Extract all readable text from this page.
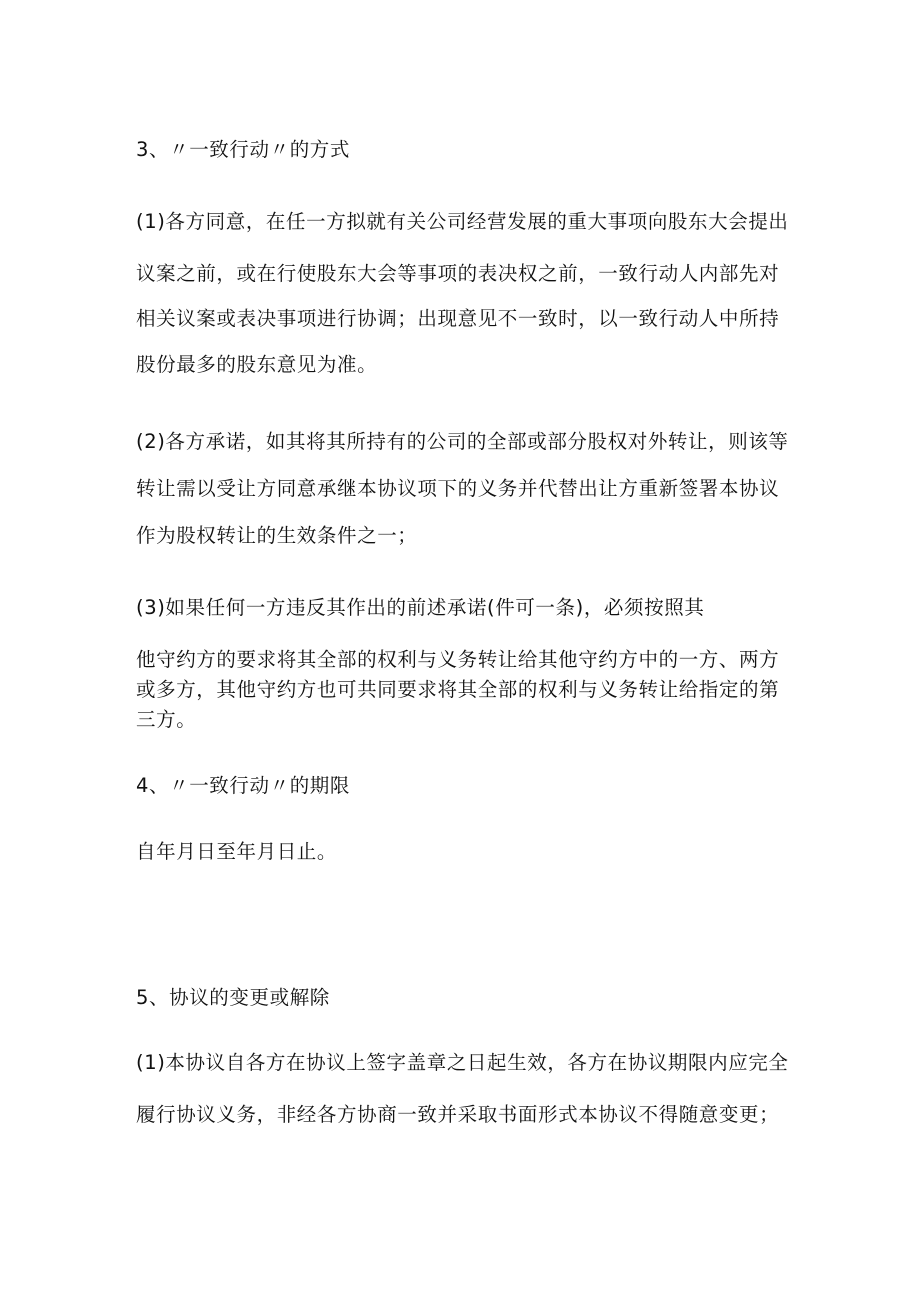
3、〃一致行动〃的方式

(1)各方同意，在任一方拟就有关公司经营发展的重大事项向股东大会提出

议案之前，或在行使股东大会等事项的表决权之前，一致行动人内部先对

相关议案或表决事项进行协调；出现意见不一致时，以一致行动人中所持

股份最多的股东意见为准。

(2)各方承诺，如其将其所持有的公司的全部或部分股权对外转让，则该等

转让需以受让方同意承继本协议项下的义务并代替出让方重新签署本协议

作为股权转让的生效条件之一；

(3)如果任何一方违反其作出的前述承诺(件可一条)，必须按照其

他守约方的要求将其全部的权利与义务转让给其他守约方中的一方、两方

或多方，其他守约方也可共同要求将其全部的权利与义务转让给指定的第

三方。

4、〃一致行动〃的期限

自年月日至年月日止。

5、协议的变更或解除

(1)本协议自各方在协议上签字盖章之日起生效，各方在协议期限内应完全

履行协议义务，非经各方协商一致并采取书面形式本协议不得随意变更；
